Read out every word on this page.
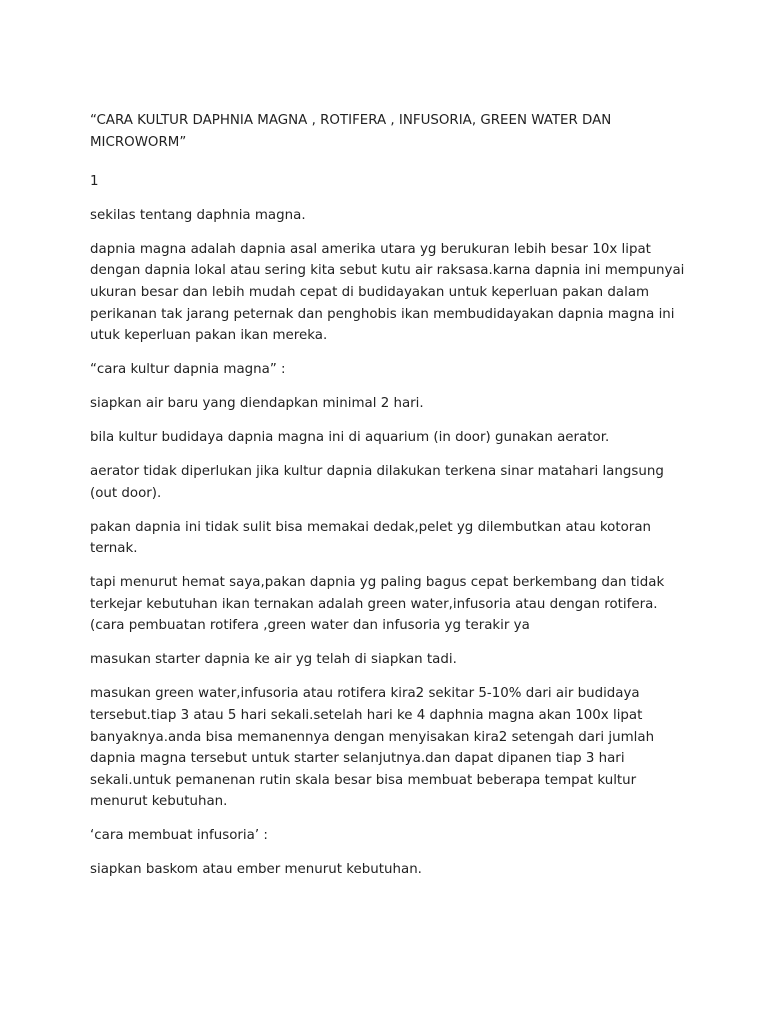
“CARA KULTUR DAPHNIA MAGNA , ROTIFERA , INFUSORIA, GREEN WATER DAN MICROWORM”

1

sekilas tentang daphnia magna.

dapnia magna adalah dapnia asal amerika utara yg berukuran lebih besar 10x lipat dengan dapnia lokal atau sering kita sebut kutu air raksasa.karna dapnia ini mempunyai ukuran besar dan lebih mudah cepat di budidayakan untuk keperluan pakan dalam perikanan tak jarang peternak dan penghobis ikan membudidayakan dapnia magna ini utuk keperluan pakan ikan mereka.

“cara kultur dapnia magna” :

siapkan air baru yang diendapkan minimal 2 hari.

bila kultur budidaya dapnia magna ini di aquarium (in door) gunakan aerator.

aerator tidak diperlukan jika kultur dapnia dilakukan terkena sinar matahari langsung (out door).

pakan dapnia ini tidak sulit bisa memakai dedak,pelet yg dilembutkan atau kotoran ternak.

tapi menurut hemat saya,pakan dapnia yg paling bagus cepat berkembang dan tidak terkejar kebutuhan ikan ternakan adalah green water,infusoria atau dengan rotifera.(cara pembuatan rotifera ,green water dan infusoria yg terakir ya

masukan starter dapnia ke air yg telah di siapkan tadi.

masukan green water,infusoria atau rotifera kira2 sekitar 5-10% dari air budidaya tersebut.tiap 3 atau 5 hari sekali.setelah hari ke 4 daphnia magna akan 100x lipat banyaknya.anda bisa memanennya dengan menyisakan kira2 setengah dari jumlah dapnia magna tersebut untuk starter selanjutnya.dan dapat dipanen tiap 3 hari sekali.untuk pemanenan rutin skala besar bisa membuat beberapa tempat kultur menurut kebutuhan.

‘cara membuat infusoria’ :

siapkan baskom atau ember menurut kebutuhan.
